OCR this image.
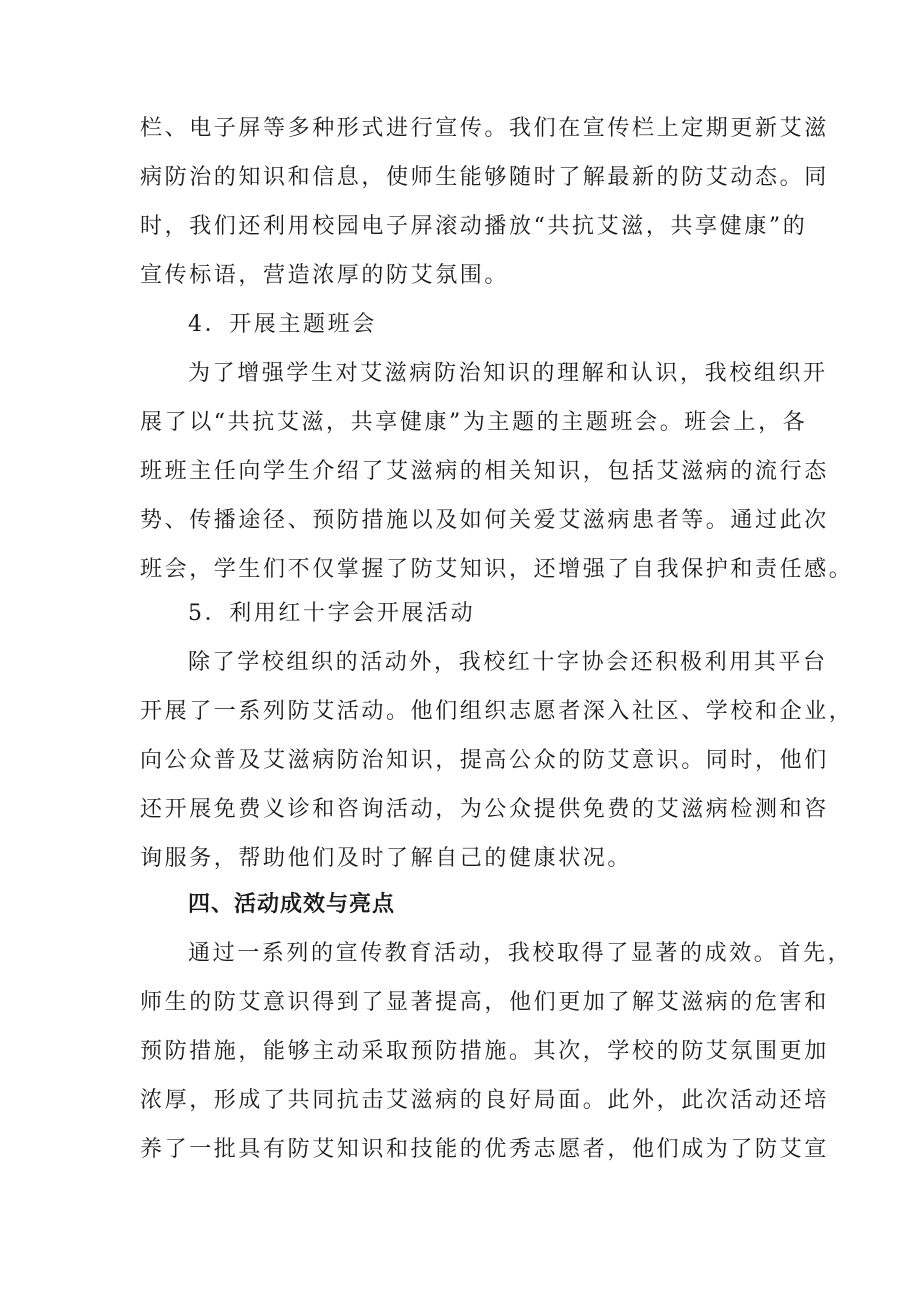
栏、电子屏等多种形式进行宣传。我们在宣传栏上定期更新艾滋
病防治的知识和信息，使师生能够随时了解最新的防艾动态。同
时，我们还利用校园电子屏滚动播放“共抗艾滋，共享健康”的
宣传标语，营造浓厚的防艾氛围。
4．开展主题班会
为了增强学生对艾滋病防治知识的理解和认识，我校组织开
展了以“共抗艾滋，共享健康”为主题的主题班会。班会上，各
班班主任向学生介绍了艾滋病的相关知识，包括艾滋病的流行态
势、传播途径、预防措施以及如何关爱艾滋病患者等。通过此次
班会，学生们不仅掌握了防艾知识，还增强了自我保护和责任感。
5．利用红十字会开展活动
除了学校组织的活动外，我校红十字协会还积极利用其平台
开展了一系列防艾活动。他们组织志愿者深入社区、学校和企业，
向公众普及艾滋病防治知识，提高公众的防艾意识。同时，他们
还开展免费义诊和咨询活动，为公众提供免费的艾滋病检测和咨
询服务，帮助他们及时了解自己的健康状况。
四、活动成效与亮点
通过一系列的宣传教育活动，我校取得了显著的成效。首先，
师生的防艾意识得到了显著提高，他们更加了解艾滋病的危害和
预防措施，能够主动采取预防措施。其次，学校的防艾氛围更加
浓厚，形成了共同抗击艾滋病的良好局面。此外，此次活动还培
养了一批具有防艾知识和技能的优秀志愿者，他们成为了防艾宣
